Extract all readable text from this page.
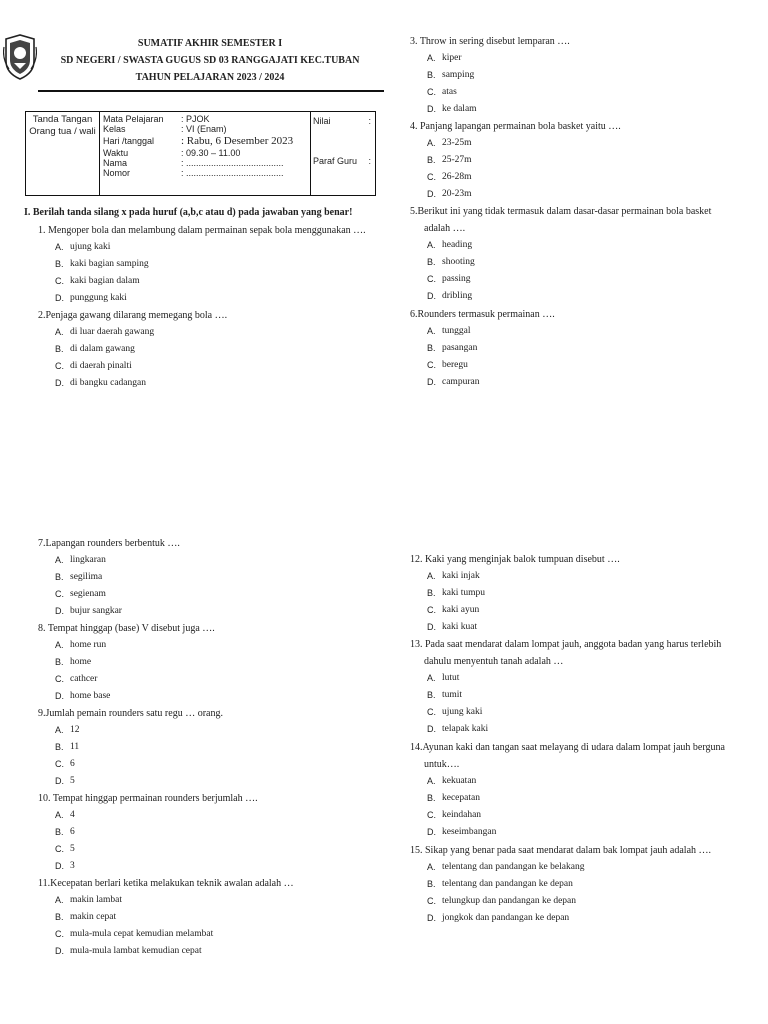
SUMATIF AKHIR SEMESTER I
SD NEGERI / SWASTA GUGUS SD 03 RANGGAJATI KEC.TUBAN
TAHUN PELAJARAN 2023 / 2024
Tanda Tangan
Orang tua / wali	
Mata Pelajaran	: PJOK
Kelas	: VI (Enam)
Hari /tanggal	: Rabu, 6 Desember 2023
Waktu	: 09.30 – 11.00
Nama	: .......................................
Nomor	: .......................................

Nilai	:
Paraf Guru :
I. Berilah tanda silang x pada huruf (a,b,c atau d) pada jawaban yang benar!
1. Mengoper bola dan melambung dalam permainan sepak bola menggunakan ….
A. ujung kaki
B. kaki bagian samping
C. kaki bagian dalam
D. punggung kaki
2.Penjaga gawang dilarang memegang bola ….
A. di luar daerah gawang
B. di dalam gawang
C. di daerah pinalti
D. di bangku cadangan
3. Throw in sering disebut lemparan ….
A. kiper
B. samping
C. atas
D. ke dalam
4. Panjang lapangan permainan bola basket yaitu ….
A. 23-25m
B. 25-27m
C. 26-28m
D. 20-23m
5.Berikut ini yang tidak termasuk dalam dasar-dasar permainan bola basket
adalah ….
A. heading
B. shooting
C. passing
D. dribling
6.Rounders termasuk permainan ….
A. tunggal
B. pasangan
C. beregu
D. campuran
7.Lapangan rounders berbentuk ….
A. lingkaran
B. segilima
C. segienam
D. bujur sangkar
8. Tempat hinggap (base) V disebut juga ….
A. home run
B. home
C. cathcer
D. home base
9.Jumlah pemain rounders satu regu … orang.
A. 12
B. 11
C. 6
D. 5
10. Tempat hinggap permainan rounders berjumlah ….
A. 4
B. 6
C. 5
D. 3
11.Kecepatan berlari ketika melakukan teknik awalan adalah …
A. makin lambat
B. makin cepat
C. mula-mula cepat kemudian melambat
D. mula-mula lambat kemudian cepat
12. Kaki yang menginjak balok tumpuan disebut ….
A. kaki injak
B. kaki tumpu
C. kaki ayun
D. kaki kuat
13. Pada saat mendarat dalam lompat jauh, anggota badan yang harus terlebih
dahulu menyentuh tanah adalah …
A. lutut
B. tumit
C. ujung kaki
D. telapak kaki
14.Ayunan kaki dan tangan saat melayang di udara dalam lompat jauh berguna
untuk….
A. kekuatan
B. kecepatan
C. keindahan
D. keseimbangan
15. Sikap yang benar pada saat mendarat dalam bak lompat jauh adalah ….
A. telentang dan pandangan ke belakang
B. telentang dan pandangan ke depan
C. telungkup dan pandangan ke depan
D. jongkok dan pandangan ke depan
